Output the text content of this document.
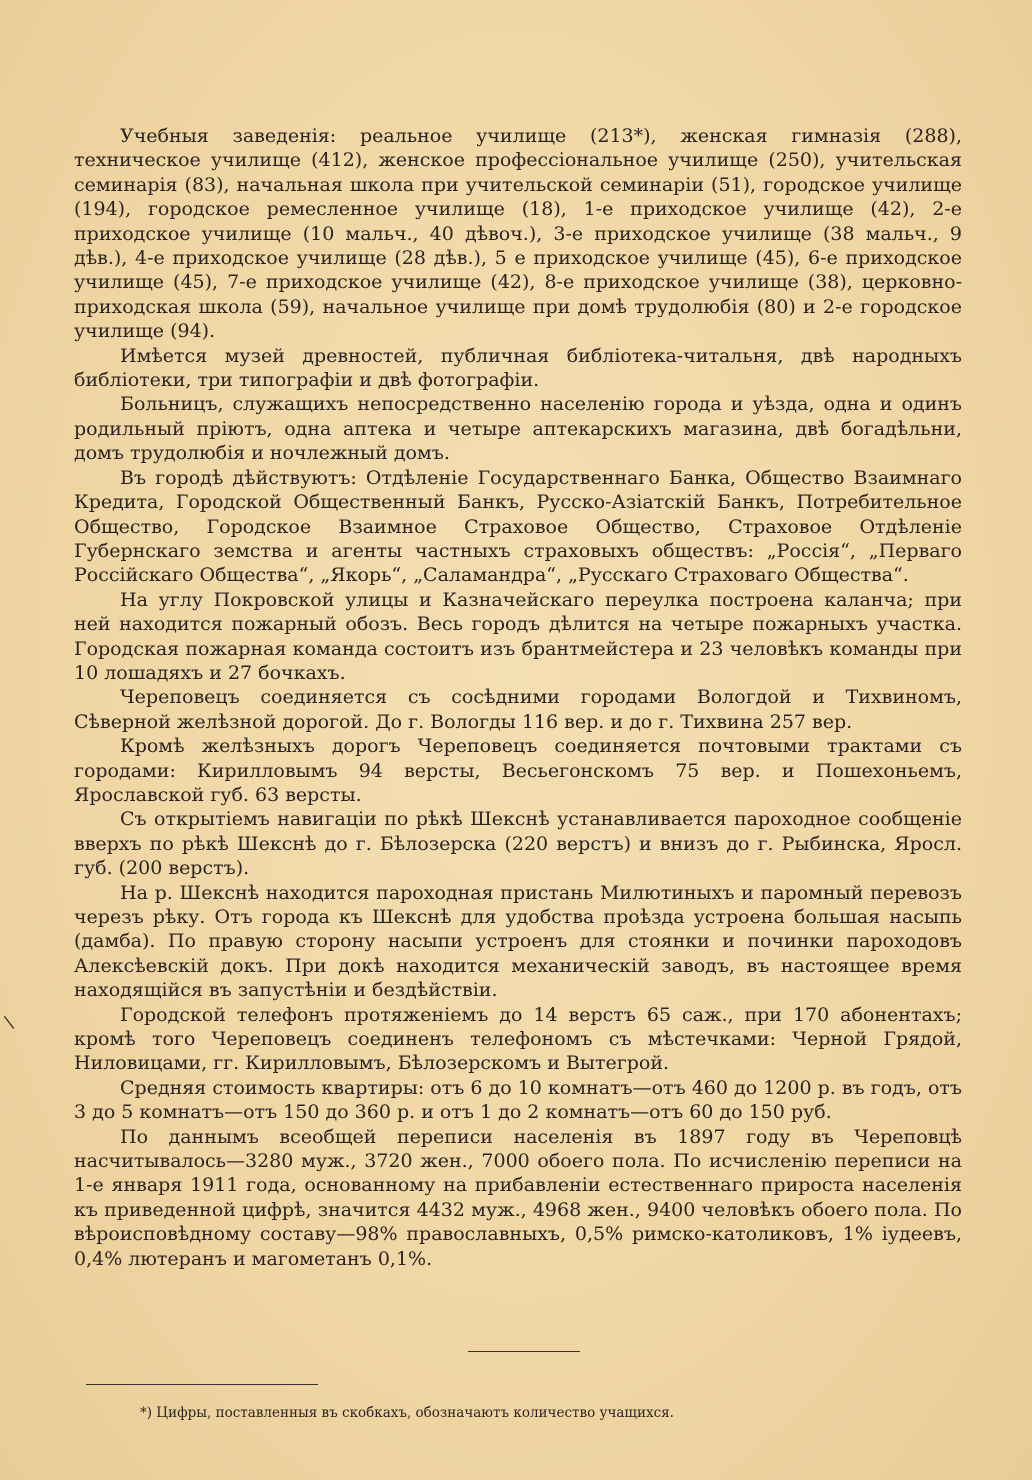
Учебныя заведенія: реальное училище (213*), женская гимназія (288), техническое училище (412), женское профессіональное училище (250), учительская семинарія (83), начальная школа при учительской семинаріи (51), городское училище (194), городское ремесленное училище (18), 1-е приходское училище (42), 2-е приходское училище (10 мальч., 40 дѣвоч.), 3-е приходское училище (38 мальч., 9 дѣв.), 4-е приходское училище (28 дѣв.), 5 е приходское училище (45), 6-е приходское училище (45), 7-е приходское училище (42), 8-е приходское училище (38), церковно-приходская школа (59), начальное училище при домѣ трудолюбія (80) и 2-е городское училище (94).

Имѣется музей древностей, публичная библіотека-читальня, двѣ народныхъ библіотеки, три типографіи и двѣ фотографіи.

Больницъ, служащихъ непосредственно населенію города и уѣзда, одна и одинъ родильный пріютъ, одна аптека и четыре аптекарскихъ магазина, двѣ богадѣльни, домъ трудолюбія и ночлежный домъ.

Въ городѣ дѣйствуютъ: Отдѣленіе Государственнаго Банка, Общество Взаимнаго Кредита, Городской Общественный Банкъ, Русско-Азіатскій Банкъ, Потребительное Общество, Городское Взаимное Страховое Общество, Страховое Отдѣленіе Губернскаго земства и агенты частныхъ страховыхъ обществъ: „Россія“, „Перваго Россійскаго Общества“, „Якорь“, „Саламандра“, „Русскаго Страховаго Общества“.

На углу Покровской улицы и Казначейскаго переулка построена каланча; при ней находится пожарный обозъ. Весь городъ дѣлится на четыре пожарныхъ участка. Городская пожарная команда состоитъ изъ брантмейстера и 23 человѣкъ команды при 10 лошадяхъ и 27 бочкахъ.

Череповецъ соединяется съ сосѣдними городами Вологдой и Тихвиномъ, Сѣверной желѣзной дорогой. До г. Вологды 116 вер. и до г. Тихвина 257 вер.

Кромѣ желѣзныхъ дорогъ Череповецъ соединяется почтовыми трактами съ городами: Кирилловымъ 94 версты, Весьегонскомъ 75 вер. и Пошехоньемъ, Ярославской губ. 63 версты.

Съ открытіемъ навигаціи по рѣкѣ Шекснѣ устанавливается пароходное сообщеніе вверхъ по рѣкѣ Шекснѣ до г. Бѣлозерска (220 верстъ) и внизъ до г. Рыбинска, Яросл. губ. (200 верстъ).

На р. Шекснѣ находится пароходная пристань Милютиныхъ и паромный перевозъ черезъ рѣку. Отъ города къ Шекснѣ для удобства проѣзда устроена большая насыпь (дамба). По правую сторону насыпи устроенъ для стоянки и починки пароходовъ Алексѣевскій докъ. При докѣ находится механическій заводъ, въ настоящее время находящійся въ запустѣніи и бездѣйствіи.

Городской телефонъ протяженіемъ до 14 верстъ 65 саж., при 170 абонентахъ; кромѣ того Череповецъ соединенъ телефономъ съ мѣстечками: Черной Грядой, Ниловицами, гг. Кирилловымъ, Бѣлозерскомъ и Вытегрой.

Средняя стоимость квартиры: отъ 6 до 10 комнатъ—отъ 460 до 1200 р. въ годъ, отъ 3 до 5 комнатъ—отъ 150 до 360 р. и отъ 1 до 2 комнатъ—отъ 60 до 150 руб.

По даннымъ всеобщей переписи населенія въ 1897 году въ Череповцѣ насчитывалось—3280 муж., 3720 жен., 7000 обоего пола. По исчисленію переписи на 1-е января 1911 года, основанному на прибавленіи естественнаго прироста населенія къ приведенной цифрѣ, значится 4432 муж., 4968 жен., 9400 человѣкъ обоего пола. По вѣроисповѣдному составу—98% православныхъ, 0,5% римско-католиковъ, 1% іудеевъ, 0,4% лютеранъ и магометанъ 0,1%.

*) Цифры, поставленныя въ скобкахъ, обозначаютъ количество учащихся.
\
